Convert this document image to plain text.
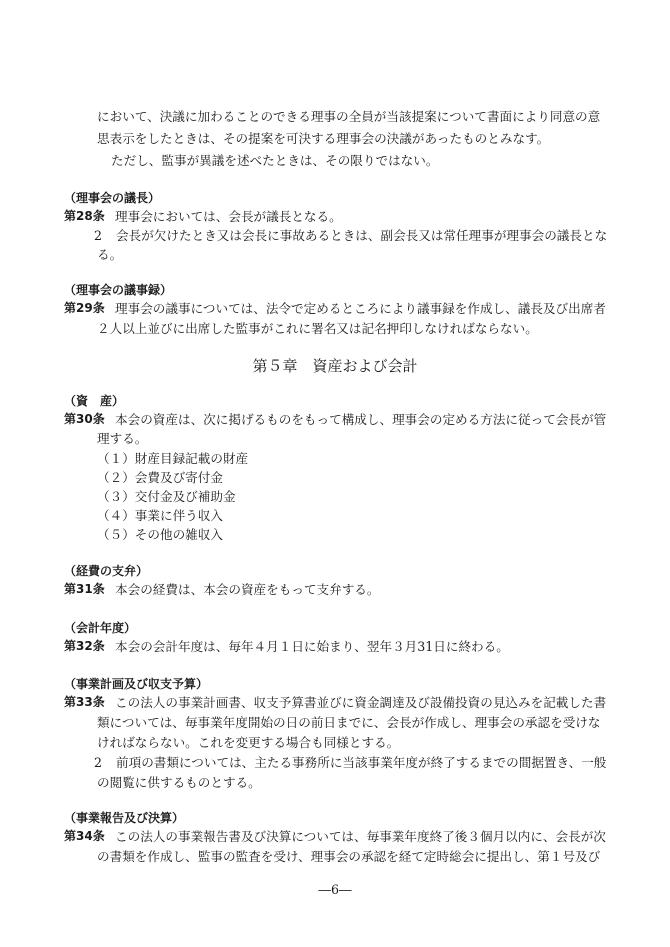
において、決議に加わることのできる理事の全員が当該提案について書面により同意の意
思表示をしたときは、その提案を可決する理事会の決議があったものとみなす。
ただし、監事が異議を述べたときは、その限りではない。
（理事会の議長）
第28条 理事会においては、会長が議長となる。
2 会長が欠けたとき又は会長に事故あるときは、副会長又は常任理事が理事会の議長とな
る。
（理事会の議事録）
第29条 理事会の議事については、法令で定めるところにより議事録を作成し、議長及び出席者
２人以上並びに出席した監事がこれに署名又は記名押印しなければならない。
第５章　資産および会計
（資　産）
第30条 本会の資産は、次に掲げるものをもって構成し、理事会の定める方法に従って会長が管
理する。
（１）財産目録記載の財産
（２）会費及び寄付金
（３）交付金及び補助金
（４）事業に伴う収入
（５）その他の雑収入
（経費の支弁）
第31条 本会の経費は、本会の資産をもって支弁する。
（会計年度）
第32条 本会の会計年度は、毎年４月１日に始まり、翌年３月31日に終わる。
（事業計画及び収支予算）
第33条 この法人の事業計画書、収支予算書並びに資金調達及び設備投資の見込みを記載した書
類については、毎事業年度開始の日の前日までに、会長が作成し、理事会の承認を受けな
ければならない。これを変更する場合も同様とする。
2 前項の書類については、主たる事務所に当該事業年度が終了するまでの間据置き、一般
の閲覧に供するものとする。
（事業報告及び決算）
第34条 この法人の事業報告書及び決算については、毎事業年度終了後３個月以内に、会長が次
の書類を作成し、監事の監査を受け、理事会の承認を経て定時総会に提出し、第１号及び
―6―
